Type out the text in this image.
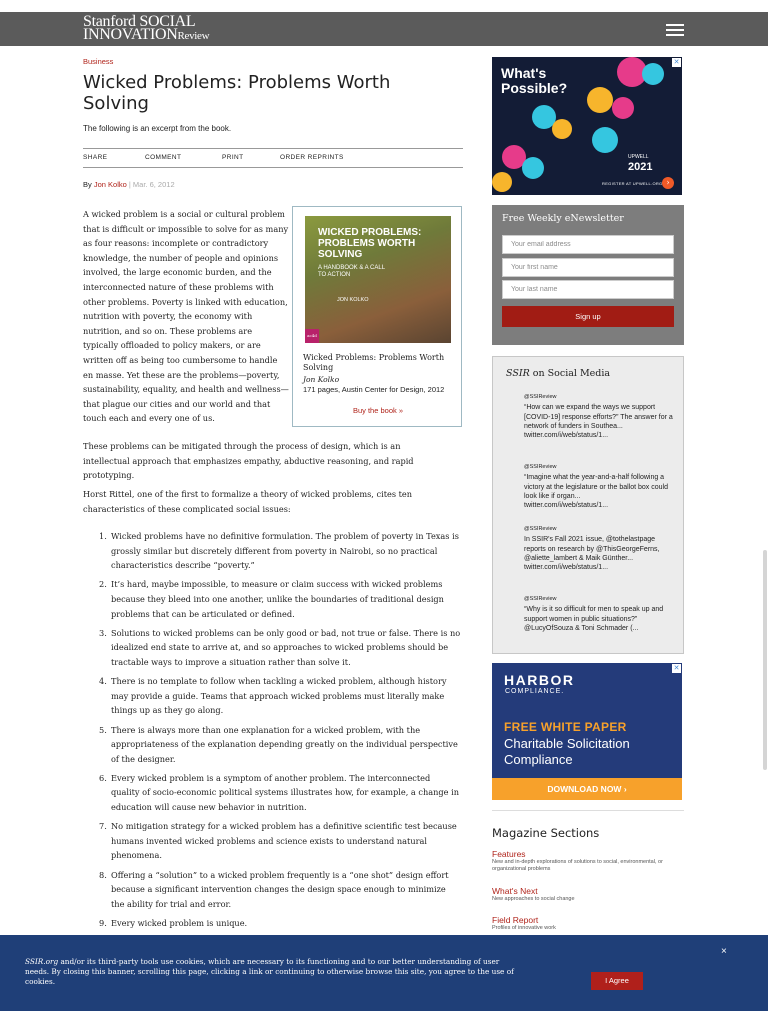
Stanford SOCIAL
INNOVATIONReview
Business
Wicked Problems: Problems Worth Solving
The following is an excerpt from the book.
SHARE	COMMENT	PRINT	ORDER REPRINTS
By Jon Kolko | Mar. 6, 2012
WICKED PROBLEMS: PROBLEMS WORTH SOLVING
A HANDBOOK & A CALL TO ACTION
JON KOLKO
ac4d
Wicked Problems: Problems Worth Solving
Jon Kolko
171 pages, Austin Center for Design, 2012
Buy the book »
A wicked problem is a social or cultural problem that is difficult or impossible to solve for as many as four reasons: incomplete or contradictory knowledge, the number of people and opinions involved, the large economic burden, and the interconnected nature of these problems with other problems. Poverty is linked with education, nutrition with poverty, the economy with nutrition, and so on. These problems are typically offloaded to policy makers, or are written off as being too cumbersome to handle en masse. Yet these are the problems—poverty, sustainability, equality, and health and wellness—that plague our cities and our world and that touch each and every one of us.
These problems can be mitigated through the process of design, which is an intellectual approach that emphasizes empathy, abductive reasoning, and rapid prototyping.
Horst Rittel, one of the first to formalize a theory of wicked problems, cites ten characteristics of these complicated social issues:
1. Wicked problems have no definitive formulation. The problem of poverty in Texas is grossly similar but discretely different from poverty in Nairobi, so no practical characteristics describe “poverty.”
2. It’s hard, maybe impossible, to measure or claim success with wicked problems because they bleed into one another, unlike the boundaries of traditional design problems that can be articulated or defined.
3. Solutions to wicked problems can be only good or bad, not true or false. There is no idealized end state to arrive at, and so approaches to wicked problems should be tractable ways to improve a situation rather than solve it.
4. There is no template to follow when tackling a wicked problem, although history may provide a guide. Teams that approach wicked problems must literally make things up as they go along.
5. There is always more than one explanation for a wicked problem, with the appropriateness of the explanation depending greatly on the individual perspective of the designer.
6. Every wicked problem is a symptom of another problem. The interconnected quality of socio-economic political systems illustrates how, for example, a change in education will cause new behavior in nutrition.
7. No mitigation strategy for a wicked problem has a definitive scientific test because humans invented wicked problems and science exists to understand natural phenomena.
8. Offering a “solution” to a wicked problem frequently is a “one shot” design effort because a significant intervention changes the design space enough to minimize the ability for trial and error.
9. Every wicked problem is unique.
What's Possible?
UPWELL
2021
REGISTER AT UPWELL.ORG ›
✕
Free Weekly eNewsletter
Your email address
Your first name
Your last name
Sign up
SSIR on Social Media
@SSIReview
“How can we expand the ways we support [COVID-19] response efforts?” The answer for a network of funders in Southea...
twitter.com/i/web/status/1...
@SSIReview
“Imagine what the year-and-a-half following a victory at the legislature or the ballot box could look like if organ...
twitter.com/i/web/status/1...
@SSIReview
In SSIR's Fall 2021 issue, @tothelastpage reports on research by @ThisGeorgeFerns, @aliette_lambert & Maik Günther...
twitter.com/i/web/status/1...
@SSIReview
“Why is it so difficult for men to speak up and support women in public situations?” @LucyOfSouza & Toni Schmader (...
HARBOR
COMPLIANCE.
FREE WHITE PAPER
Charitable Solicitation Compliance
DOWNLOAD NOW ›
✕
Magazine Sections
Features
New and in-depth explorations of solutions to social, environmental, or organizational problems
What's Next
New approaches to social change
Field Report
Profiles of innovative work
SSIR.org and/or its third-party tools use cookies, which are necessary to its functioning and to our better understanding of user needs. By closing this banner, scrolling this page, clicking a link or continuing to otherwise browse this site, you agree to the use of cookies.	I Agree
×
